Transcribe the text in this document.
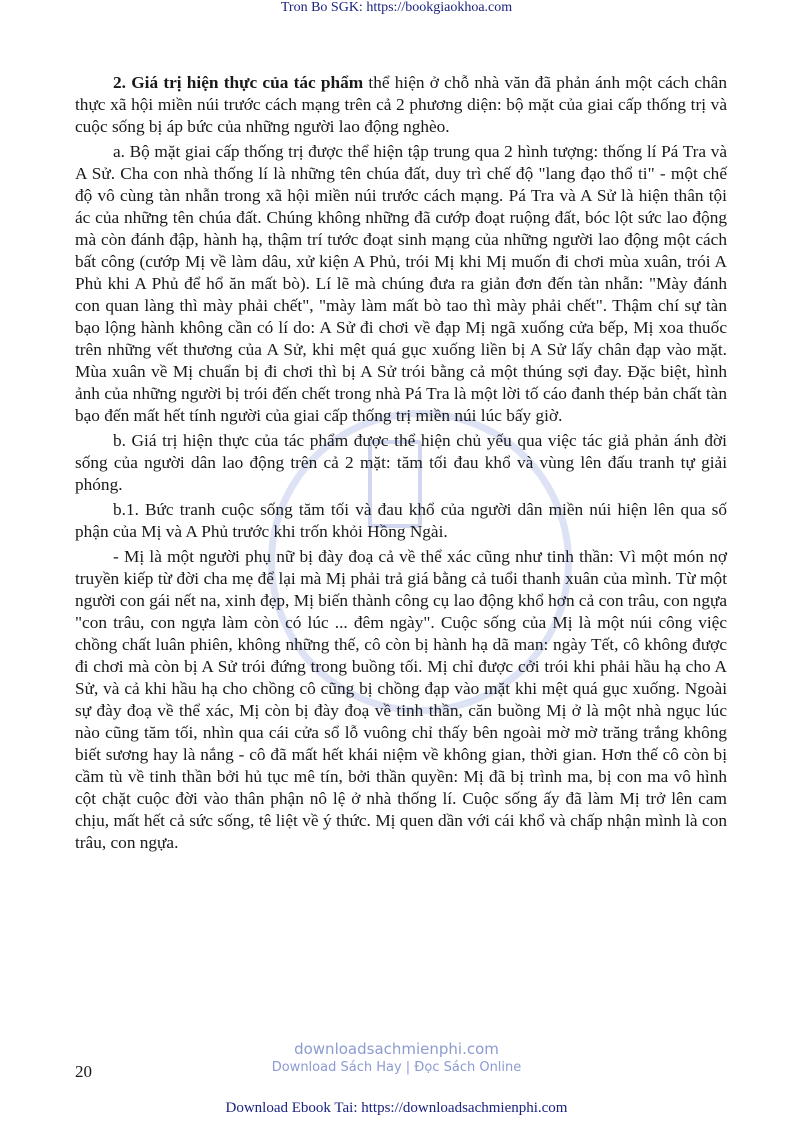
Tron Bo SGK: https://bookgiaokhoa.com

2. Giá trị hiện thực của tác phẩm thể hiện ở chỗ nhà văn đã phản ánh một cách chân thực xã hội miền núi trước cách mạng trên cả 2 phương diện: bộ mặt của giai cấp thống trị và cuộc sống bị áp bức của những người lao động nghèo.

a. Bộ mặt giai cấp thống trị được thể hiện tập trung qua 2 hình tượng: thống lí Pá Tra và A Sử. Cha con nhà thống lí là những tên chúa đất, duy trì chế độ "lang đạo thổ ti" - một chế độ vô cùng tàn nhẫn trong xã hội miền núi trước cách mạng. Pá Tra và A Sử là hiện thân tội ác của những tên chúa đất. Chúng không những đã cướp đoạt ruộng đất, bóc lột sức lao động mà còn đánh đập, hành hạ, thậm trí tước đoạt sinh mạng của những người lao động một cách bất công (cướp Mị về làm dâu, xử kiện A Phủ, trói Mị khi Mị muốn đi chơi mùa xuân, trói A Phủ khi A Phủ để hổ ăn mất bò). Lí lẽ mà chúng đưa ra giản đơn đến tàn nhẫn: "Mày đánh con quan làng thì mày phải chết", "mày làm mất bò tao thì mày phải chết". Thậm chí sự tàn bạo lộng hành không cần có lí do: A Sử đi chơi về đạp Mị ngã xuống cửa bếp, Mị xoa thuốc trên những vết thương của A Sử, khi mệt quá gục xuống liền bị A Sử lấy chân đạp vào mặt. Mùa xuân về Mị chuẩn bị đi chơi thì bị A Sử trói bằng cả một thúng sợi đay. Đặc biệt, hình ảnh của những người bị trói đến chết trong nhà Pá Tra là một lời tố cáo đanh thép bản chất tàn bạo đến mất hết tính người của giai cấp thống trị miền núi lúc bấy giờ.

b. Giá trị hiện thực của tác phẩm được thể hiện chủ yếu qua việc tác giả phản ánh đời sống của người dân lao động trên cả 2 mặt: tăm tối đau khổ và vùng lên đấu tranh tự giải phóng.

b.1. Bức tranh cuộc sống tăm tối và đau khổ của người dân miền núi hiện lên qua số phận của Mị và A Phủ trước khi trốn khỏi Hồng Ngài.

- Mị là một người phụ nữ bị đày đoạ cả về thể xác cũng như tinh thần: Vì một món nợ truyền kiếp từ đời cha mẹ để lại mà Mị phải trả giá bằng cả tuổi thanh xuân của mình. Từ một người con gái nết na, xinh đẹp, Mị biến thành công cụ lao động khổ hơn cả con trâu, con ngựa "con trâu, con ngựa làm còn có lúc ... đêm ngày". Cuộc sống của Mị là một núi công việc chồng chất luân phiên, không những thế, cô còn bị hành hạ dã man: ngày Tết, cô không được đi chơi mà còn bị A Sử trói đứng trong buồng tối. Mị chỉ được cởi trói khi phải hầu hạ cho A Sử, và cả khi hầu hạ cho chồng cô cũng bị chồng đạp vào mặt khi mệt quá gục xuống. Ngoài sự đày đoạ về thể xác, Mị còn bị đày đoạ về tinh thần, căn buồng Mị ở là một nhà ngục lúc nào cũng tăm tối, nhìn qua cái cửa sổ lỗ vuông chỉ thấy bên ngoài mờ mờ trăng trắng không biết sương hay là nắng - cô đã mất hết khái niệm về không gian, thời gian. Hơn thế cô còn bị cầm tù về tinh thần bởi hủ tục mê tín, bởi thần quyền: Mị đã bị trình ma, bị con ma vô hình cột chặt cuộc đời vào thân phận nô lệ ở nhà thống lí. Cuộc sống ấy đã làm Mị trở lên cam chịu, mất hết cả sức sống, tê liệt về ý thức. Mị quen dần với cái khổ và chấp nhận mình là con trâu, con ngựa.

20
downloadsachmienphi.com
Download Sách Hay | Đọc Sách Online
Download Ebook Tai: https://downloadsachmienphi.com
